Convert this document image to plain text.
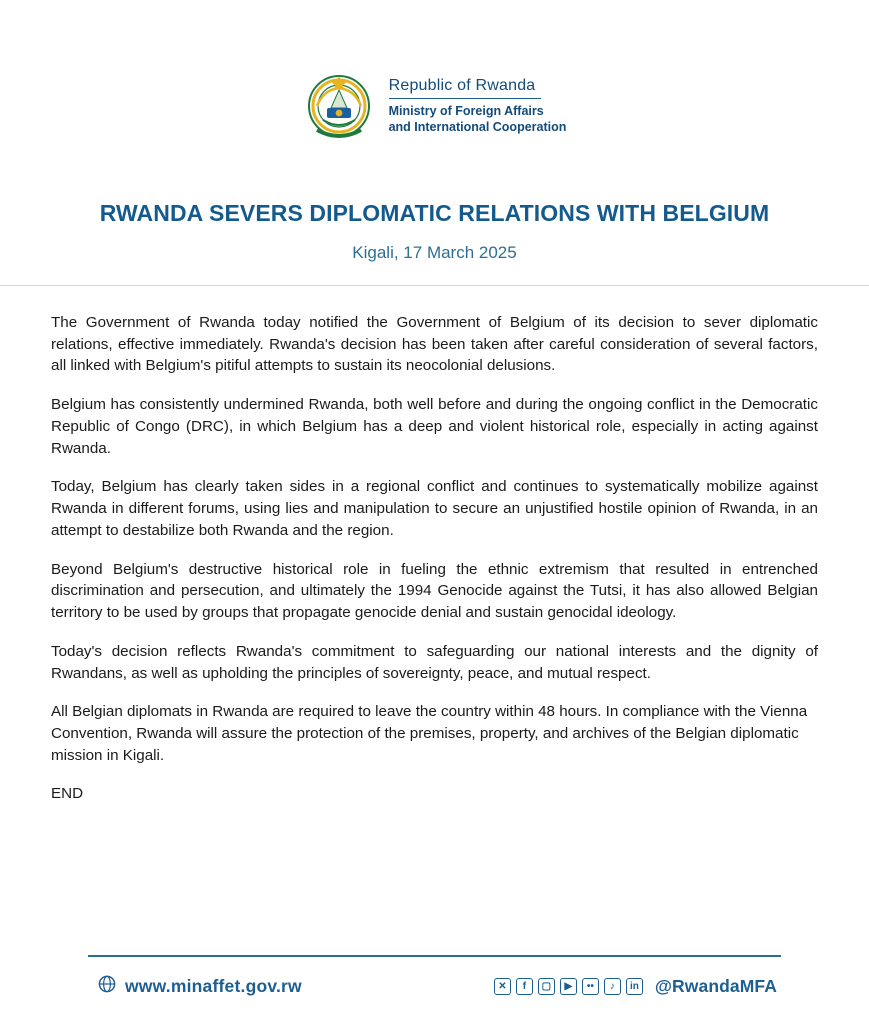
Republic of Rwanda
Ministry of Foreign Affairs
and International Cooperation
RWANDA SEVERS DIPLOMATIC RELATIONS WITH BELGIUM
Kigali, 17 March 2025

The Government of Rwanda today notified the Government of Belgium of its decision to sever diplomatic relations, effective immediately. Rwanda's decision has been taken after careful consideration of several factors, all linked with Belgium's pitiful attempts to sustain its neocolonial delusions.

Belgium has consistently undermined Rwanda, both well before and during the ongoing conflict in the Democratic Republic of Congo (DRC), in which Belgium has a deep and violent historical role, especially in acting against Rwanda.

Today, Belgium has clearly taken sides in a regional conflict and continues to systematically mobilize against Rwanda in different forums, using lies and manipulation to secure an unjustified hostile opinion of Rwanda, in an attempt to destabilize both Rwanda and the region.

Beyond Belgium's destructive historical role in fueling the ethnic extremism that resulted in entrenched discrimination and persecution, and ultimately the 1994 Genocide against the Tutsi, it has also allowed Belgian territory to be used by groups that propagate genocide denial and sustain genocidal ideology.

Today's decision reflects Rwanda's commitment to safeguarding our national interests and the dignity of Rwandans, as well as upholding the principles of sovereignty, peace, and mutual respect.

All Belgian diplomats in Rwanda are required to leave the country within 48 hours. In compliance with the Vienna Convention, Rwanda will assure the protection of the premises, property, and archives of the Belgian diplomatic mission in Kigali.

END

www.minaffet.gov.rw	✕	f	▢	▶	••	♪	in @RwandaMFA
